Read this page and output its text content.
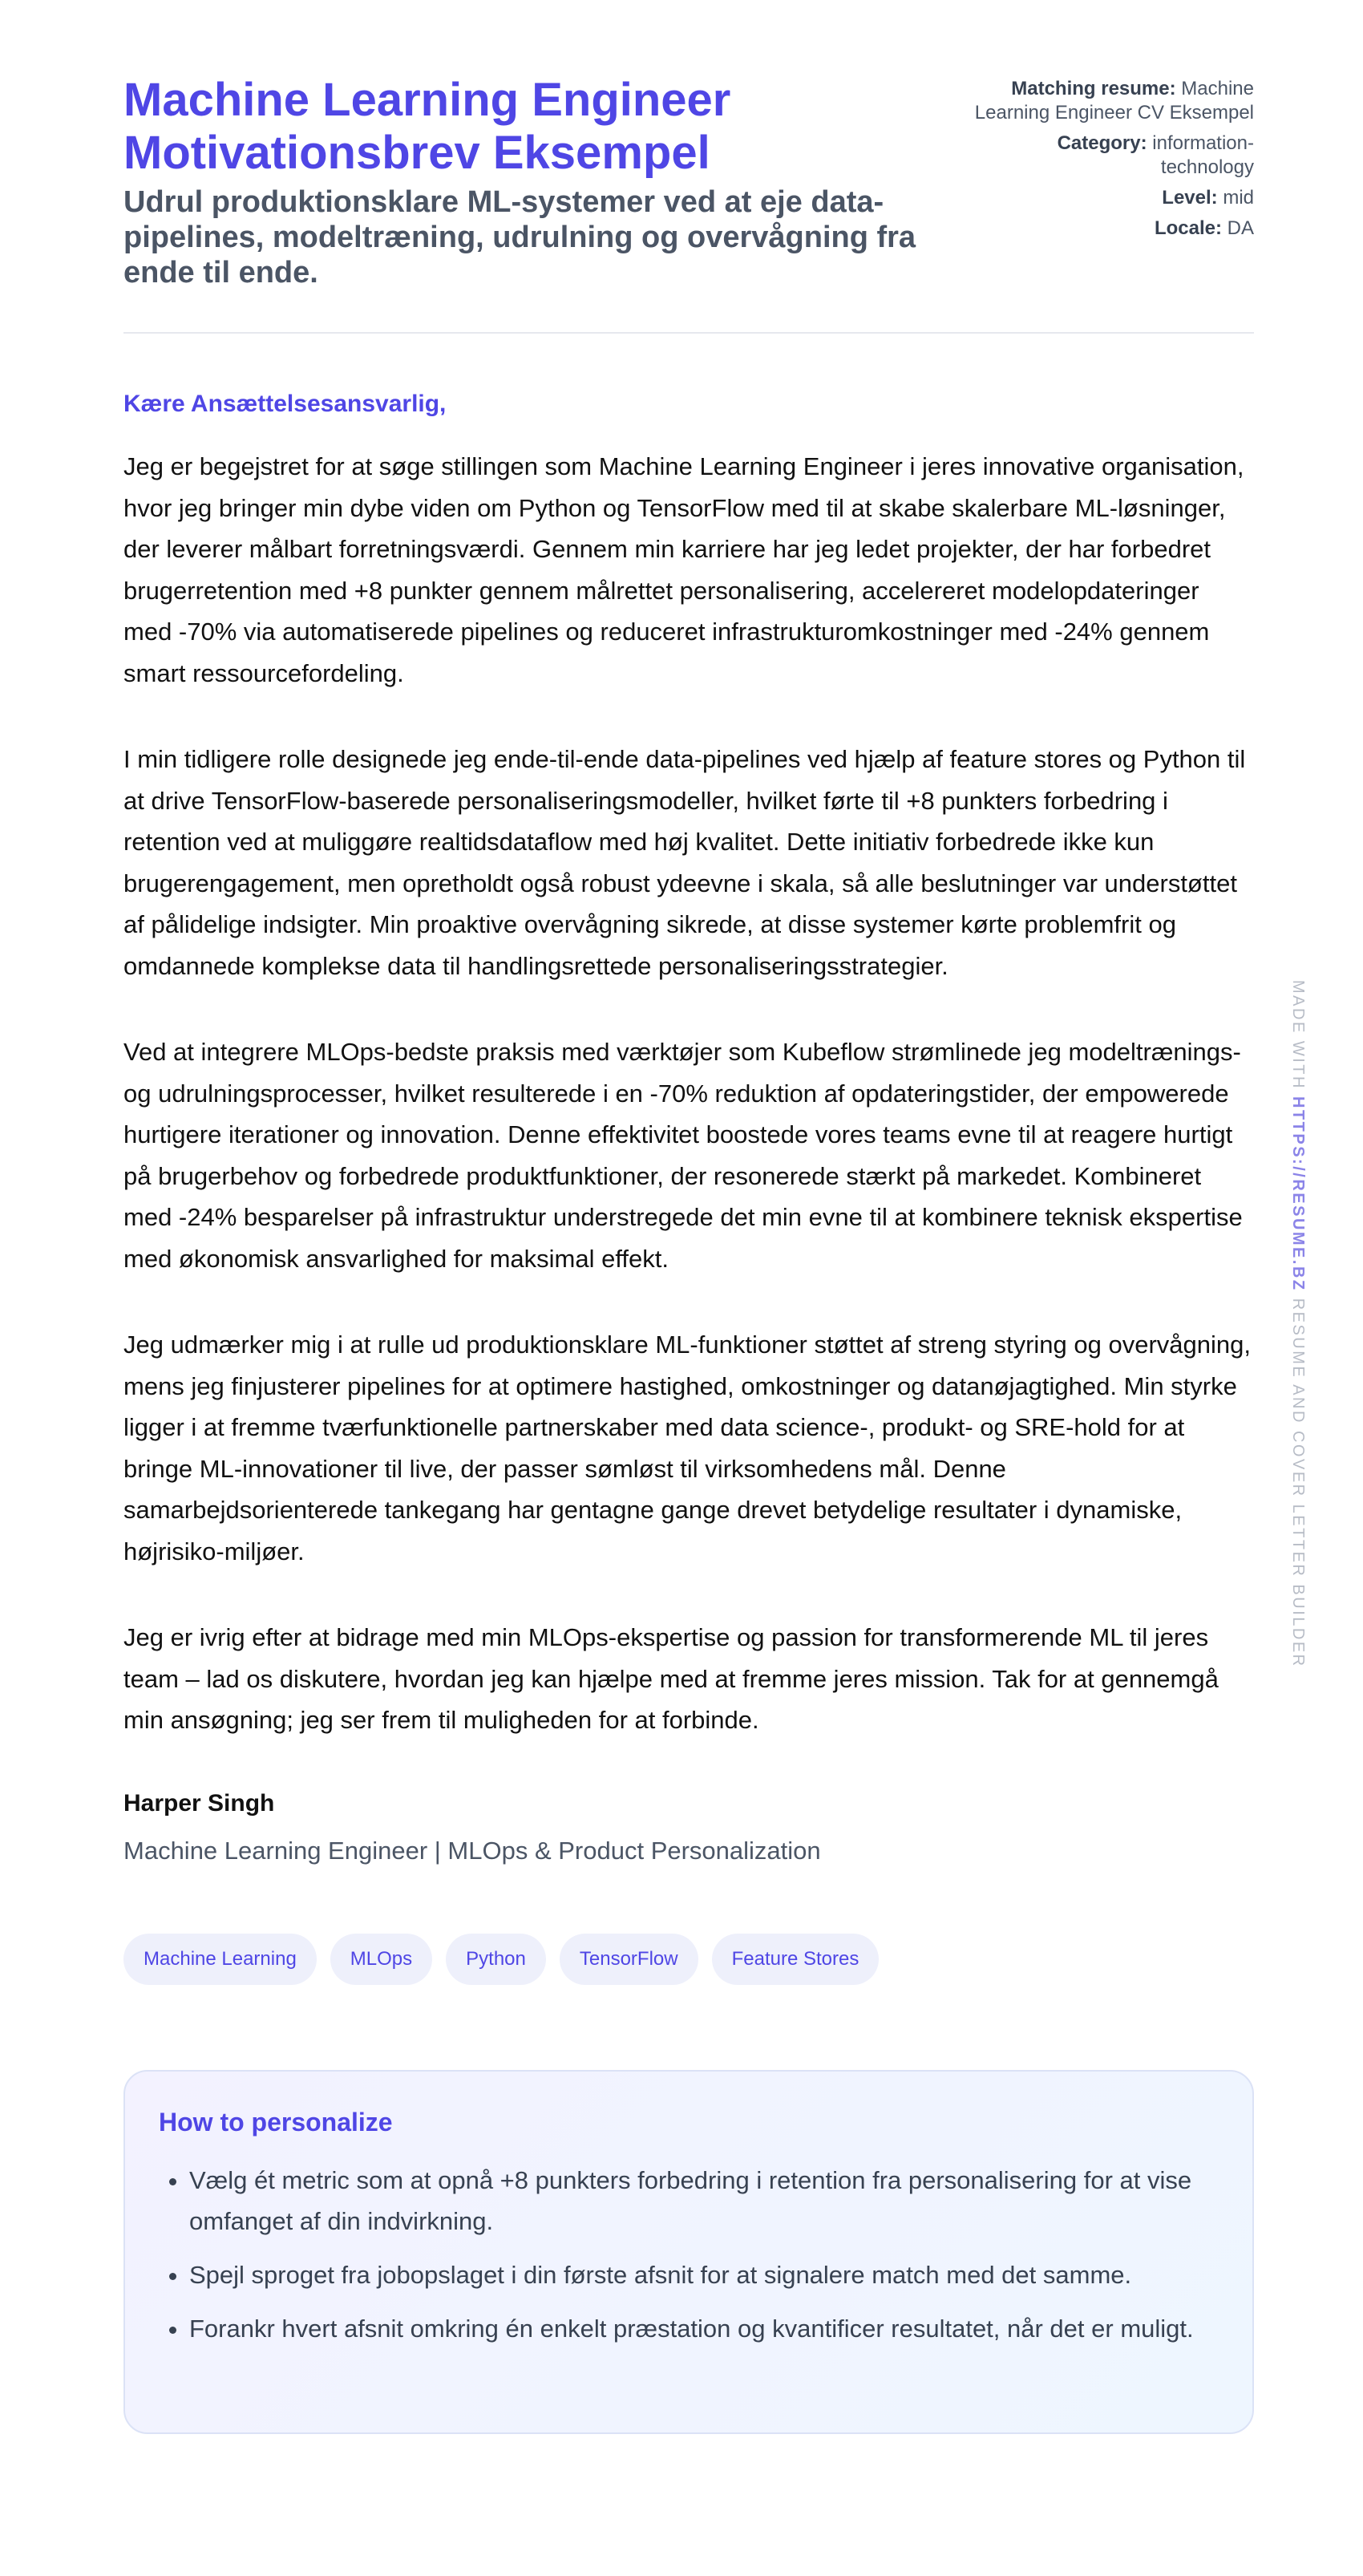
Machine Learning Engineer Motivationsbrev Eksempel
Udrul produktionsklare ML-systemer ved at eje data-pipelines, modeltræning, udrulning og overvågning fra ende til ende.
Matching resume: Machine Learning Engineer CV Eksempel
Category: information-technology
Level: mid
Locale: DA

Kære Ansættelsesansvarlig,

Jeg er begejstret for at søge stillingen som Machine Learning Engineer i jeres innovative organisation, hvor jeg bringer min dybe viden om Python og TensorFlow med til at skabe skalerbare ML-løsninger, der leverer målbart forretningsværdi. Gennem min karriere har jeg ledet projekter, der har forbedret brugerretention med +8 punkter gennem målrettet personalisering, accelereret modelopdateringer med -70% via automatiserede pipelines og reduceret infrastrukturomkostninger med -24% gennem smart ressourcefordeling.

I min tidligere rolle designede jeg ende-til-ende data-pipelines ved hjælp af feature stores og Python til at drive TensorFlow-baserede personaliseringsmodeller, hvilket førte til +8 punkters forbedring i retention ved at muliggøre realtidsdataflow med høj kvalitet. Dette initiativ forbedrede ikke kun brugerengagement, men opretholdt også robust ydeevne i skala, så alle beslutninger var understøttet af pålidelige indsigter. Min proaktive overvågning sikrede, at disse systemer kørte problemfrit og omdannede komplekse data til handlingsrettede personaliseringsstrategier.

Ved at integrere MLOps-bedste praksis med værktøjer som Kubeflow strømlinede jeg modeltrænings- og udrulningsprocesser, hvilket resulterede i en -70% reduktion af opdateringstider, der empowerede hurtigere iterationer og innovation. Denne effektivitet boostede vores teams evne til at reagere hurtigt på brugerbehov og forbedrede produktfunktioner, der resonerede stærkt på markedet. Kombineret med -24% besparelser på infrastruktur understregede det min evne til at kombinere teknisk ekspertise med økonomisk ansvarlighed for maksimal effekt.

Jeg udmærker mig i at rulle ud produktionsklare ML-funktioner støttet af streng styring og overvågning, mens jeg finjusterer pipelines for at optimere hastighed, omkostninger og datanøjagtighed. Min styrke ligger i at fremme tværfunktionelle partnerskaber med data science-, produkt- og SRE-hold for at bringe ML-innovationer til live, der passer sømløst til virksomhedens mål. Denne samarbejdsorienterede tankegang har gentagne gange drevet betydelige resultater i dynamiske, højrisiko-miljøer.

Jeg er ivrig efter at bidrage med min MLOps-ekspertise og passion for transformerende ML til jeres team – lad os diskutere, hvordan jeg kan hjælpe med at fremme jeres mission. Tak for at gennemgå min ansøgning; jeg ser frem til muligheden for at forbinde.

Harper Singh

Machine Learning Engineer | MLOps & Product Personalization

Machine Learning	MLOps	Python	TensorFlow	Feature Stores
How to personalize
• Vælg ét metric som at opnå +8 punkters forbedring i retention fra personalisering for at vise omfanget af din indvirkning.
• Spejl sproget fra jobopslaget i din første afsnit for at signalere match med det samme.
• Forankr hvert afsnit omkring én enkelt præstation og kvantificer resultatet, når det er muligt.
MADE WITH HTTPS://RESUME.BZ RESUME AND COVER LETTER BUILDER
